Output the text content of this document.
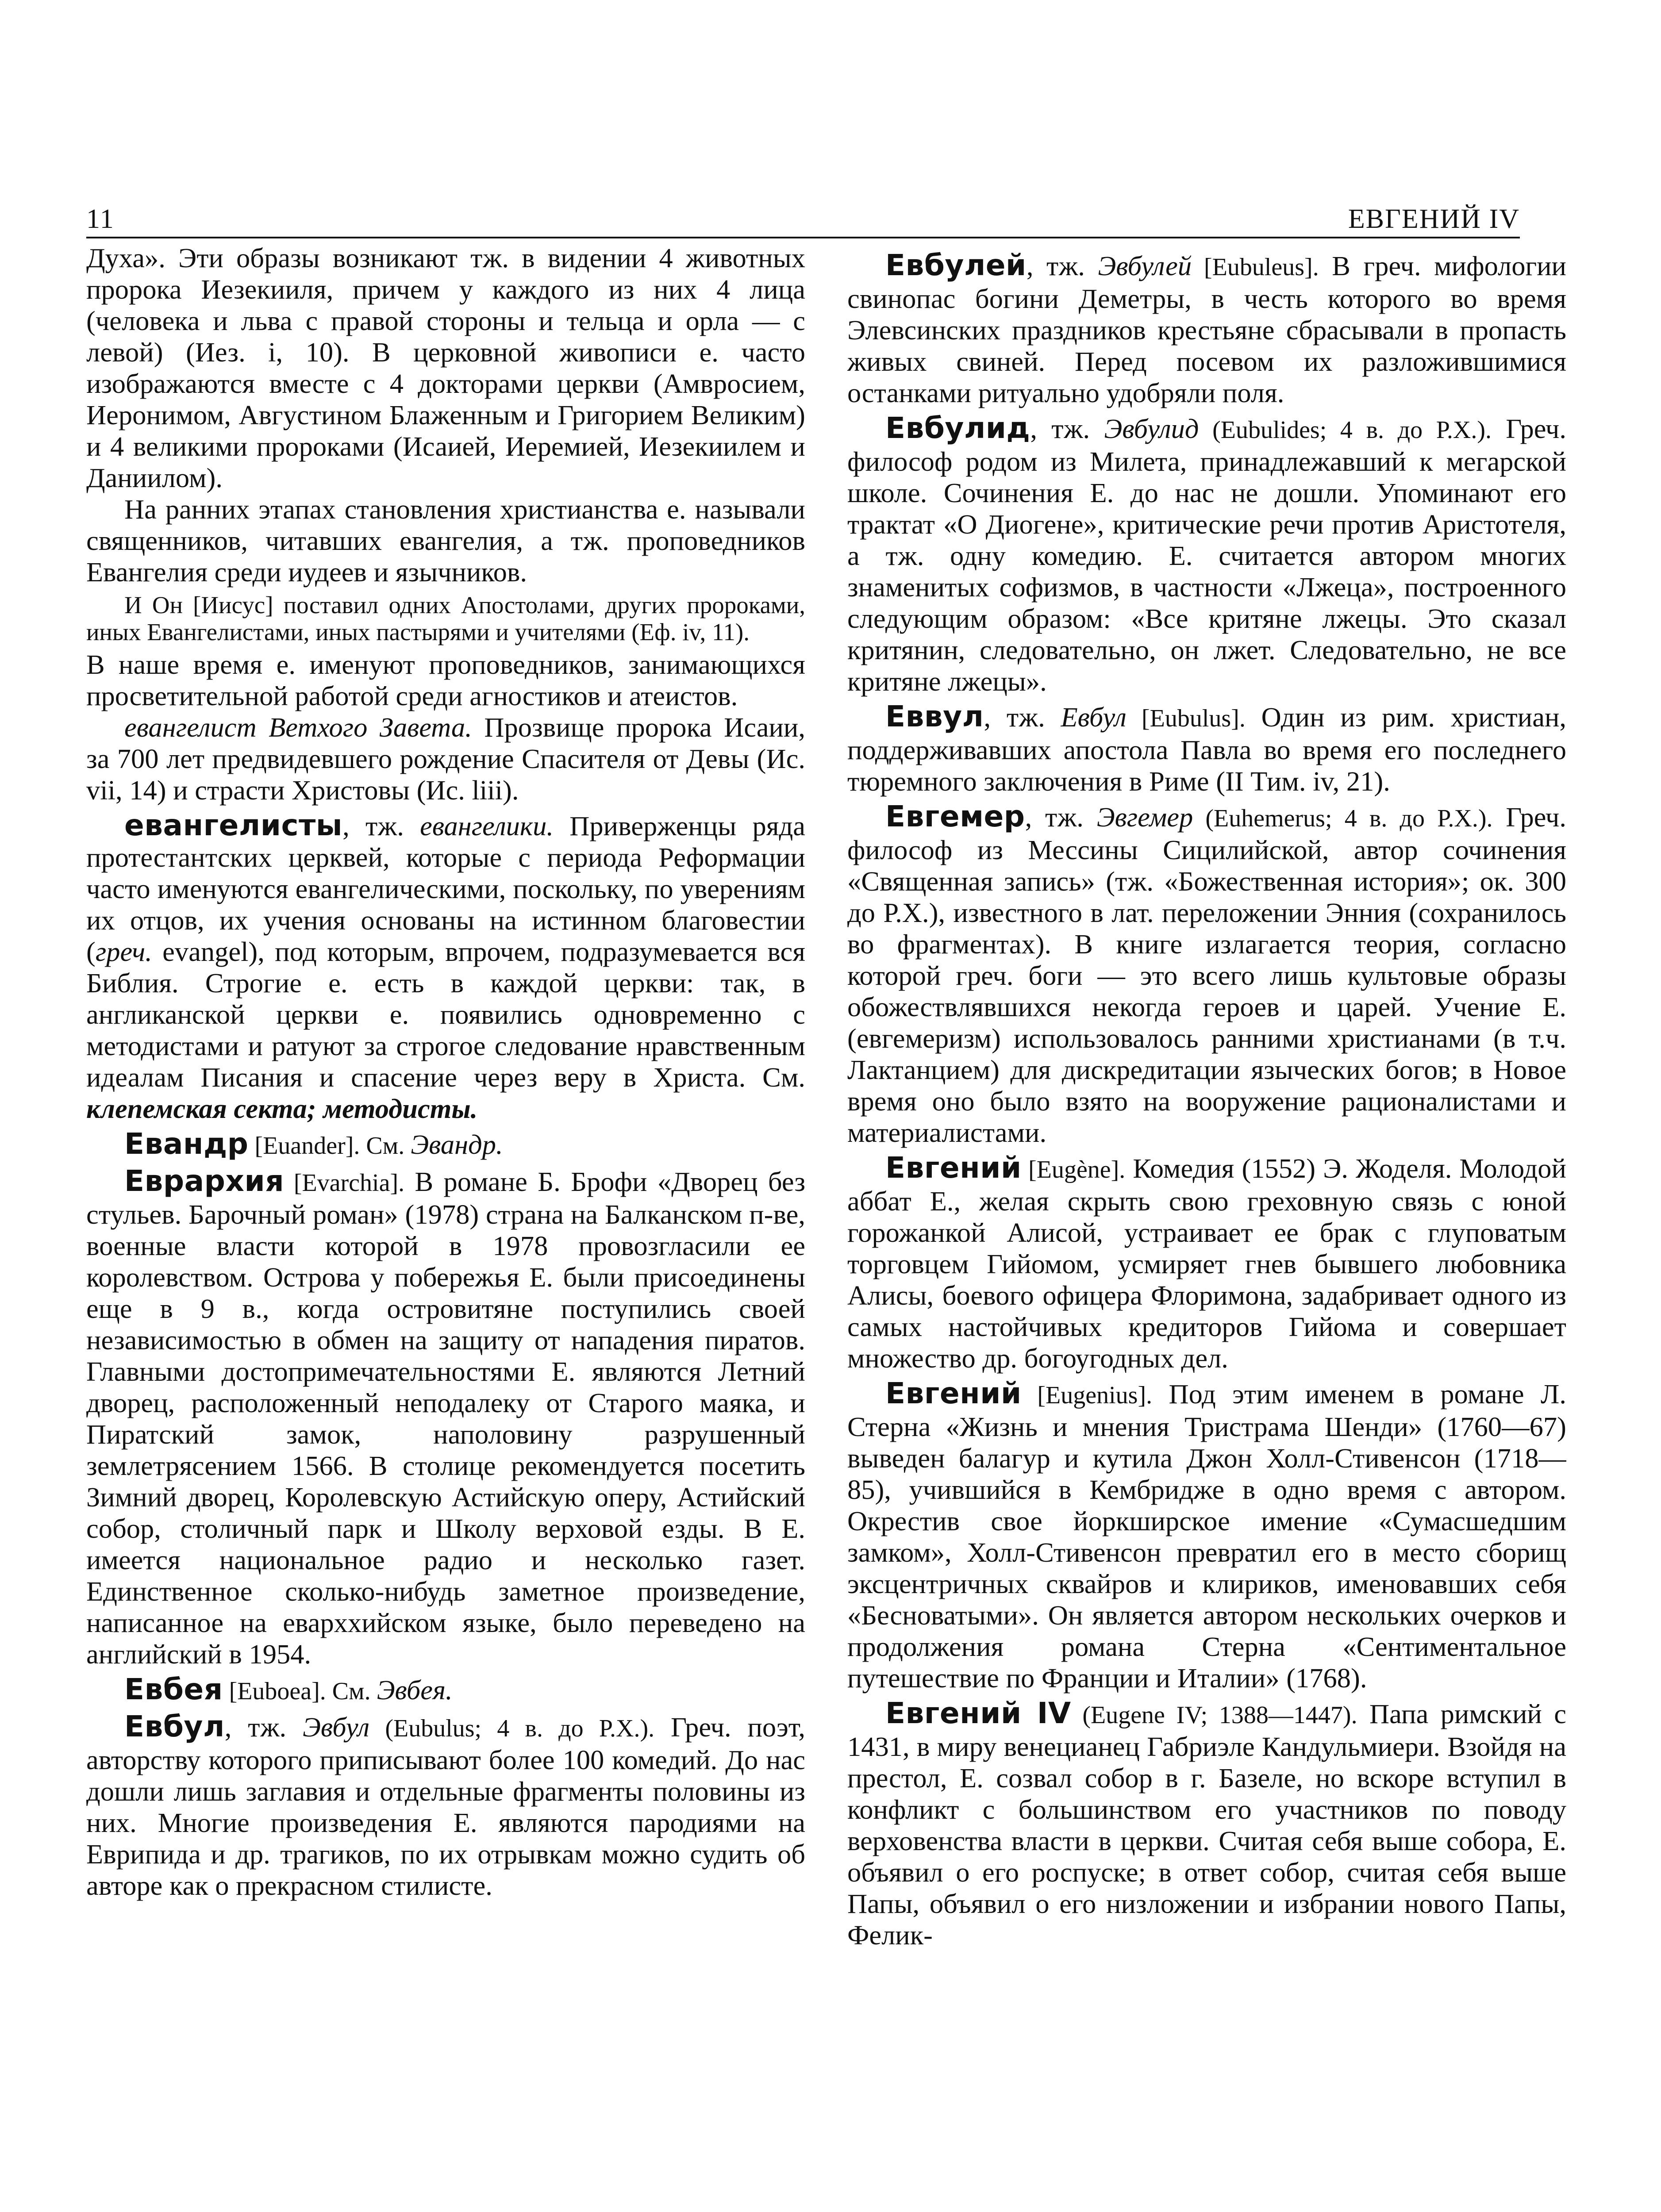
11	ЕВГЕНИЙ IV

Духа». Эти образы возникают тж. в видении 4 животных пророка Иезекииля, причем у каждого из них 4 лица (человека и льва с правой стороны и тельца и орла — с левой) (Иез. i, 10). В церковной живописи е. часто изображаются вместе с 4 докторами церкви (Амвросием, Иеронимом, Августином Блаженным и Григорием Великим) и 4 великими пророками (Исаией, Иеремией, Иезекиилем и Даниилом).

На ранних этапах становления христианства е. называли священников, читавших евангелия, а тж. проповедников Евангелия среди иудеев и язычников.

И Он [Иисус] поставил одних Апостолами, других пророками, иных Евангелистами, иных пастырями и учителями (Еф. iv, 11).

В наше время е. именуют проповедников, занимающихся просветительной работой среди агностиков и атеистов.

евангелист Ветхого Завета. Прозвище пророка Исаии, за 700 лет предвидевшего рождение Спасителя от Девы (Ис. vii, 14) и страсти Христовы (Ис. liii).

евангелисты, тж. евангелики. Приверженцы ряда протестантских церквей, которые с периода Реформации часто именуются евангелическими, поскольку, по уверениям их отцов, их учения основаны на истинном благовестии (греч. evangel), под которым, впрочем, подразумевается вся Библия. Строгие е. есть в каждой церкви: так, в англиканской церкви е. появились одновременно с методистами и ратуют за строгое следование нравственным идеалам Писания и спасение через веру в Христа. См. клепемская секта; методисты.

Евандр [Euander]. См. Эвандр.

Еврархия [Evarchia]. В романе Б. Брофи «Дворец без стульев. Барочный роман» (1978) страна на Балканском п-ве, военные власти которой в 1978 провозгласили ее королевством. Острова у побережья Е. были присоединены еще в 9 в., когда островитяне поступились своей независимостью в обмен на защиту от нападения пиратов. Главными достопримечательностями Е. являются Летний дворец, расположенный неподалеку от Старого маяка, и Пиратский замок, наполовину разрушенный землетрясением 1566. В столице рекомендуется посетить Зимний дворец, Королевскую Астийскую оперу, Астийский собор, столичный парк и Школу верховой езды. В Е. имеется национальное радио и несколько газет. Единственное сколько-нибудь заметное произведение, написанное на еварххийском языке, было переведено на английский в 1954.

Евбея [Euboea]. См. Эвбея.

Евбул, тж. Эвбул (Eubulus; 4 в. до Р.Х.). Греч. поэт, авторству которого приписывают более 100 комедий. До нас дошли лишь заглавия и отдельные фрагменты половины из них. Многие произведения Е. являются пародиями на Еврипида и др. трагиков, по их отрывкам можно судить об авторе как о прекрасном стилисте.

Евбулей, тж. Эвбулей [Eubuleus]. В греч. мифологии свинопас богини Деметры, в честь которого во время Элевсинских праздников крестьяне сбрасывали в пропасть живых свиней. Перед посевом их разложившимися останками ритуально удобряли поля.

Евбулид, тж. Эвбулид (Eubulides; 4 в. до Р.Х.). Греч. философ родом из Милета, принадлежавший к мегарской школе. Сочинения Е. до нас не дошли. Упоминают его трактат «О Диогене», критические речи против Аристотеля, а тж. одну комедию. Е. считается автором многих знаменитых софизмов, в частности «Лжеца», построенного следующим образом: «Все критяне лжецы. Это сказал критянин, следовательно, он лжет. Следовательно, не все критяне лжецы».

Еввул, тж. Евбул [Eubulus]. Один из рим. христиан, поддерживавших апостола Павла во время его последнего тюремного заключения в Риме (II Тим. iv, 21).

Евгемер, тж. Эвгемер (Euhemerus; 4 в. до Р.Х.). Греч. философ из Мессины Сицилийской, автор сочинения «Священная запись» (тж. «Божественная история»; ок. 300 до Р.Х.), известного в лат. переложении Энния (сохранилось во фрагментах). В книге излагается теория, согласно которой греч. боги — это всего лишь культовые образы обожествлявшихся некогда героев и царей. Учение Е. (евгемеризм) использовалось ранними христианами (в т.ч. Лактанцием) для дискредитации языческих богов; в Новое время оно было взято на вооружение рационалистами и материалистами.

Евгений [Eugène]. Комедия (1552) Э. Жоделя. Молодой аббат Е., желая скрыть свою греховную связь с юной горожанкой Алисой, устраивает ее брак с глуповатым торговцем Гийомом, усмиряет гнев бывшего любовника Алисы, боевого офицера Флоримона, задабривает одного из самых настойчивых кредиторов Гийома и совершает множество др. богоугодных дел.

Евгений [Eugenius]. Под этим именем в романе Л. Стерна «Жизнь и мнения Тристрама Шенди» (1760—67) выведен балагур и кутила Джон Холл-Стивенсон (1718—85), учившийся в Кембридже в одно время с автором. Окрестив свое йоркширское имение «Сумасшедшим замком», Холл-Стивенсон превратил его в место сборищ эксцентричных сквайров и клириков, именовавших себя «Бесноватыми». Он является автором нескольких очерков и продолжения романа Стерна «Сентиментальное путешествие по Франции и Италии» (1768).

Евгений IV (Eugene IV; 1388—1447). Папа римский с 1431, в миру венецианец Габриэле Кандульмиери. Взойдя на престол, Е. созвал собор в г. Базеле, но вскоре вступил в конфликт с большинством его участников по поводу верховенства власти в церкви. Считая себя выше собора, Е. объявил о его роспуске; в ответ собор, считая себя выше Папы, объявил о его низложении и избрании нового Папы, Фелик-
